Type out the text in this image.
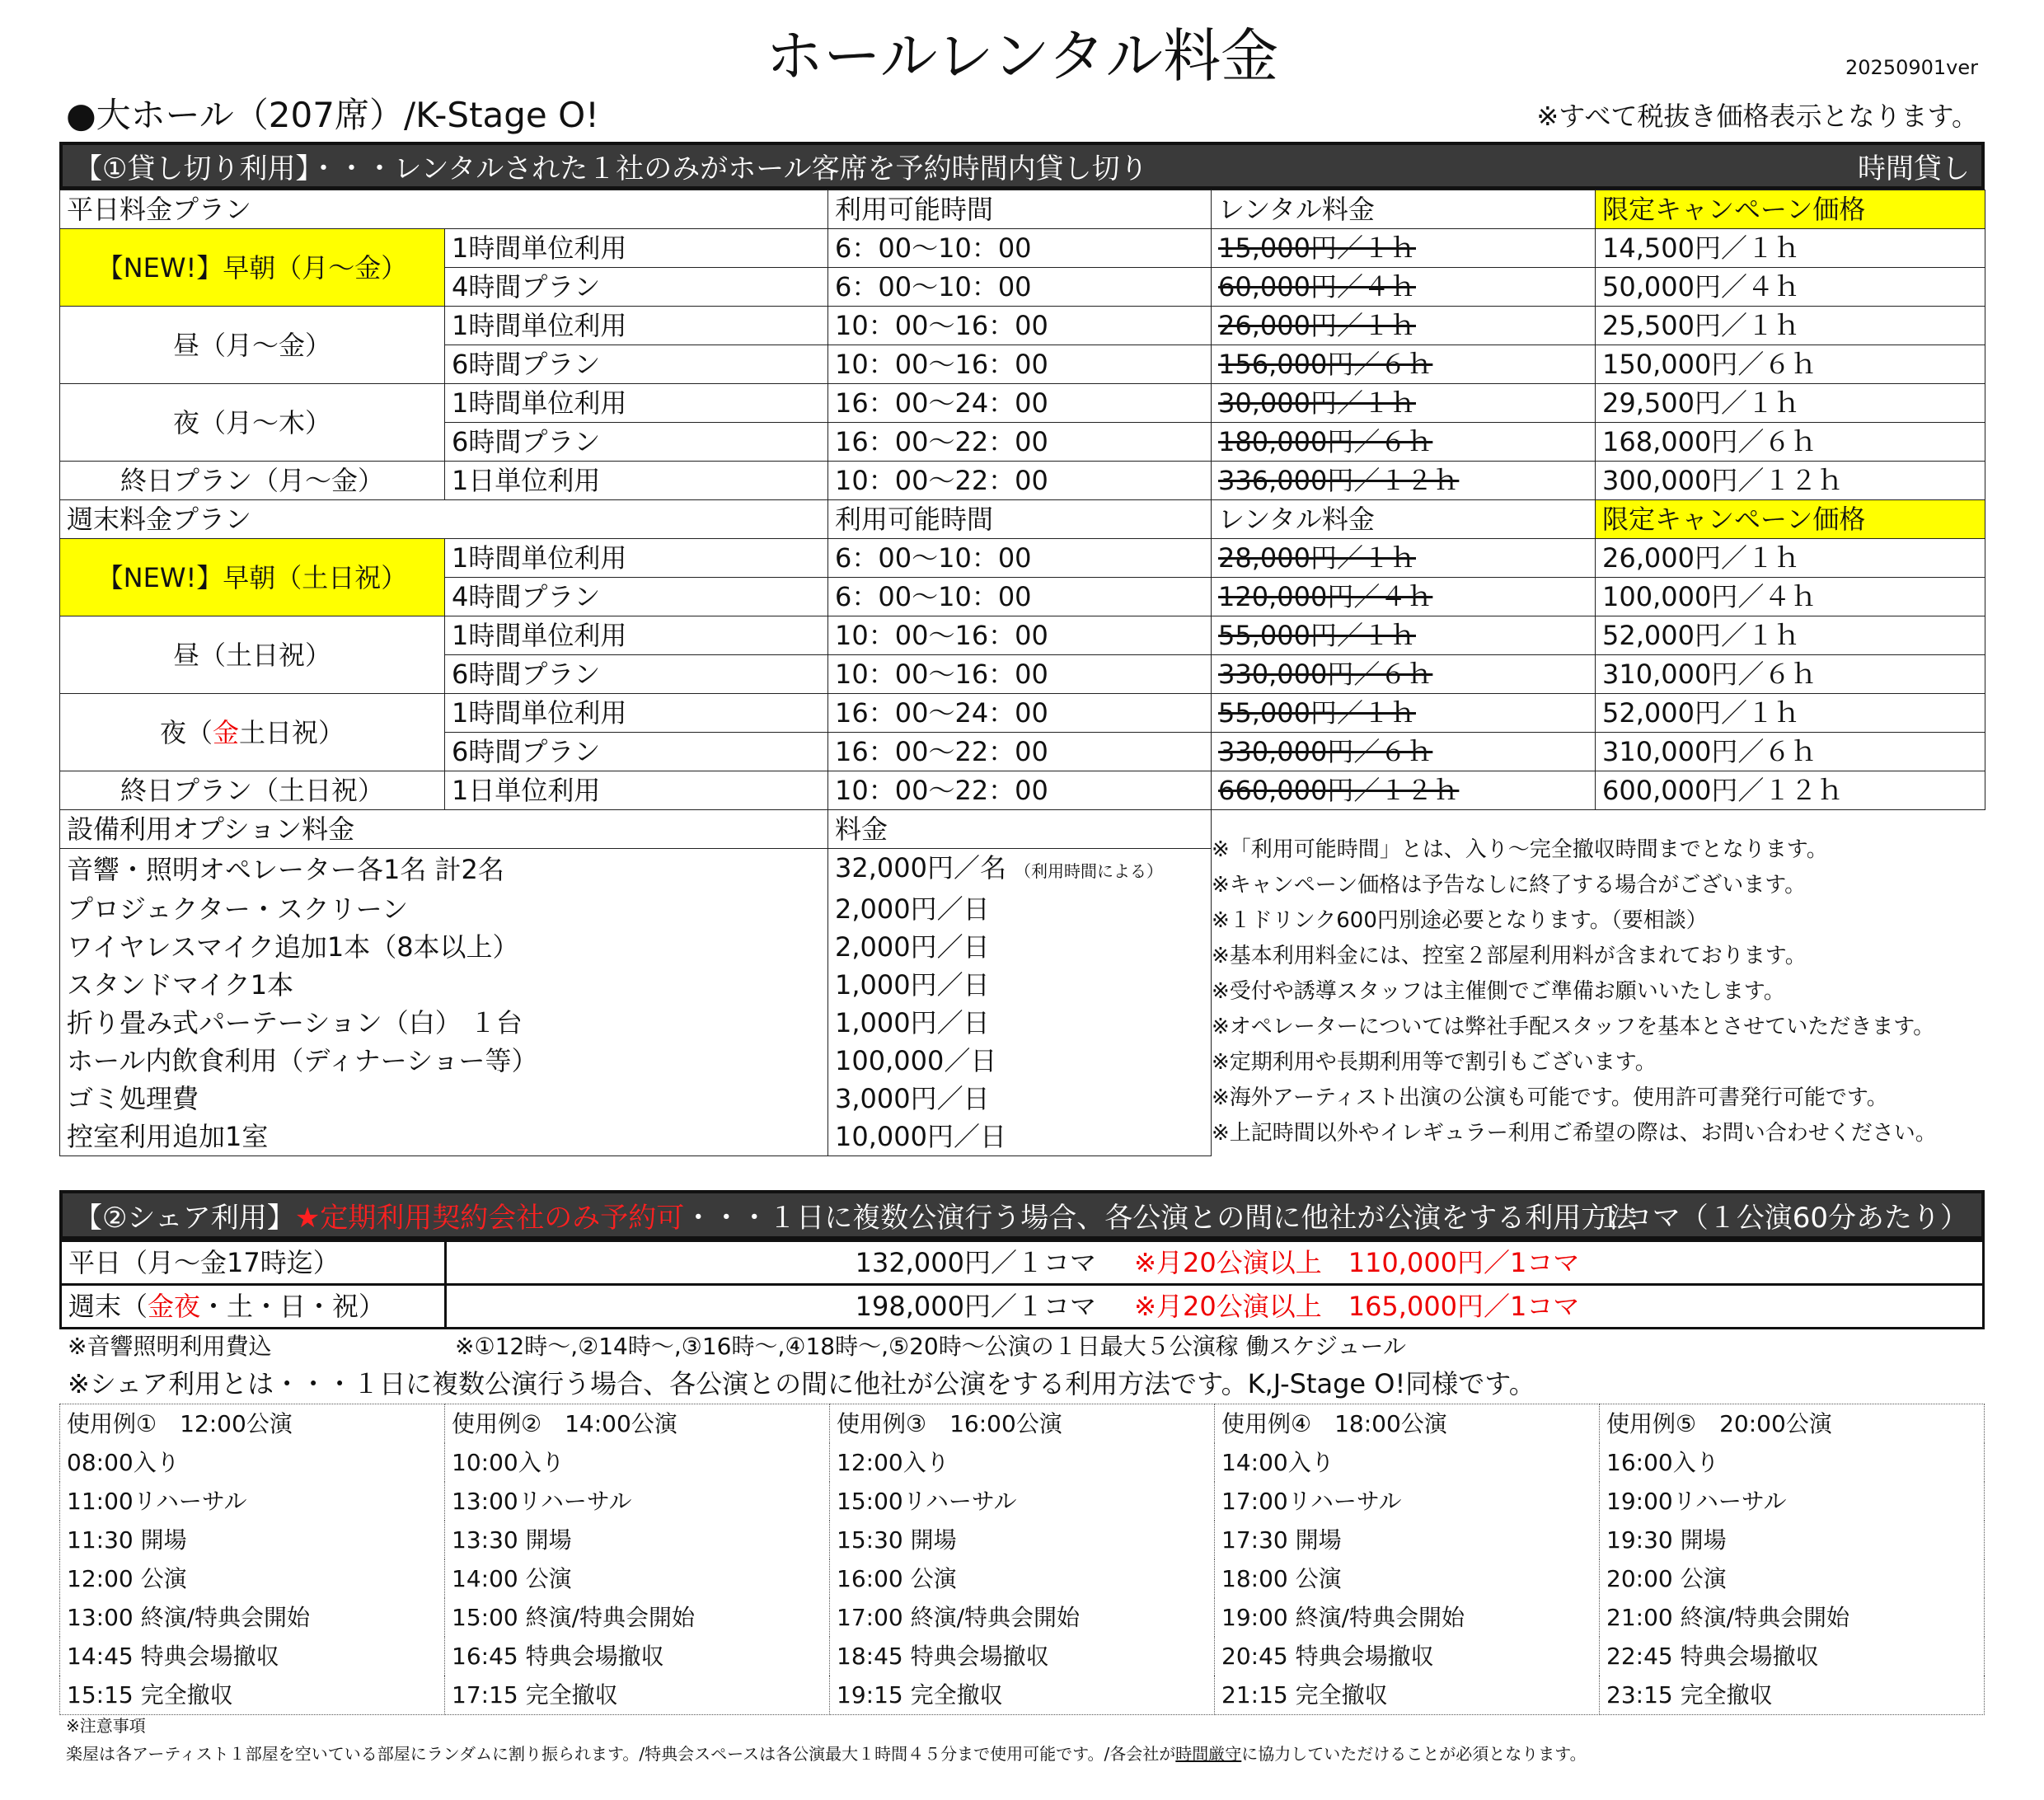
ホールレンタル料金	20250901ver
●大ホール（207席）/K-Stage O!	※すべて税抜き価格表示となります。
【①貸し切り利用】・・・レンタルされた１社のみがホール客席を予約時間内貸し切り	時間貸し
平日料金プラン		利用可能時間	レンタル料金	限定キャンペーン価格
【NEW!】早朝（月～金）	1時間単位利用	6：00～10：00	15,000円／１ｈ	14,500円／１ｈ
	4時間プラン	6：00～10：00	60,000円／４ｈ	50,000円／４ｈ
昼（月～金）	1時間単位利用	10：00～16：00	26,000円／１ｈ	25,500円／１ｈ
	6時間プラン	10：00～16：00	156,000円／６ｈ	150,000円／６ｈ
夜（月～木）	1時間単位利用	16：00～24：00	30,000円／１ｈ	29,500円／１ｈ
	6時間プラン	16：00～22：00	180,000円／６ｈ	168,000円／６ｈ
終日プラン（月～金）	1日単位利用	10：00～22：00	336,000円／１２ｈ	300,000円／１２ｈ
週末料金プラン		利用可能時間	レンタル料金	限定キャンペーン価格
【NEW!】早朝（土日祝）	1時間単位利用	6：00～10：00	28,000円／１ｈ	26,000円／１ｈ
	4時間プラン	6：00～10：00	120,000円／４ｈ	100,000円／４ｈ
昼（土日祝）	1時間単位利用	10：00～16：00	55,000円／１ｈ	52,000円／１ｈ
	6時間プラン	10：00～16：00	330,000円／６ｈ	310,000円／６ｈ
夜（金土日祝）	1時間単位利用	16：00～24：00	55,000円／１ｈ	52,000円／１ｈ
	6時間プラン	16：00～22：00	330,000円／６ｈ	310,000円／６ｈ
終日プラン（土日祝）	1日単位利用	10：00～22：00	660,000円／１２ｈ	600,000円／１２ｈ
設備利用オプション料金		料金		
音響・照明オペレーター各1名 計2名		32,000円／名 （利用時間による）		
プロジェクター・スクリーン		2,000円／日		
ワイヤレスマイク追加1本（8本以上）		2,000円／日		
スタンドマイク1本		1,000円／日		
折り畳み式パーテーション（白） １台		1,000円／日		
ホール内飲食利用（ディナーショー等）		100,000／日		
ゴミ処理費		3,000円／日		
控室利用追加1室		10,000円／日		
※「利用可能時間」とは、入り～完全撤収時間までとなります。
※キャンペーン価格は予告なしに終了する場合がございます。
※１ドリンク600円別途必要となります。（要相談）
※基本利用料金には、控室２部屋利用料が含まれております。
※受付や誘導スタッフは主催側でご準備お願いいたします。
※オペレーターについては弊社手配スタッフを基本とさせていただきます。
※定期利用や長期利用等で割引もございます。
※海外アーティスト出演の公演も可能です。使用許可書発行可能です。
※上記時間以外やイレギュラー利用ご希望の際は、お問い合わせください。
【②シェア利用】★定期利用契約会社のみ予約可・・・１日に複数公演行う場合、各公演との間に他社が公演をする利用方法
１コマ（１公演60分あたり）
平日（月～金17時迄）	132,000円／１コマ ※月20公演以上　110,000円／1コマ
週末（金夜・土・日・祝）	198,000円／１コマ ※月20公演以上　165,000円／1コマ
※音響照明利用費込	※①12時～,②14時～,③16時～,④18時～,⑤20時～公演の１日最大５公演稼 働スケジュール
※シェア利用とは・・・１日に複数公演行う場合、各公演との間に他社が公演をする利用方法です。K,J-Stage O!同様です。
使用例①　12:00公演	使用例②　14:00公演	使用例③　16:00公演	使用例④　18:00公演	使用例⑤　20:00公演
08:00入り	10:00入り	12:00入り	14:00入り	16:00入り
11:00リハーサル	13:00リハーサル	15:00リハーサル	17:00リハーサル	19:00リハーサル
11:30 開場	13:30 開場	15:30 開場	17:30 開場	19:30 開場
12:00 公演	14:00 公演	16:00 公演	18:00 公演	20:00 公演
13:00 終演/特典会開始	15:00 終演/特典会開始	17:00 終演/特典会開始	19:00 終演/特典会開始	21:00 終演/特典会開始
14:45 特典会場撤収	16:45 特典会場撤収	18:45 特典会場撤収	20:45 特典会場撤収	22:45 特典会場撤収
15:15 完全撤収	17:15 完全撤収	19:15 完全撤収	21:15 完全撤収	23:15 完全撤収
※注意事項
楽屋は各アーティスト１部屋を空いている部屋にランダムに割り振られます。/特典会スペースは各公演最大１時間４５分まで使用可能です。/各会社が時間厳守に協力していただけることが必須となります。
